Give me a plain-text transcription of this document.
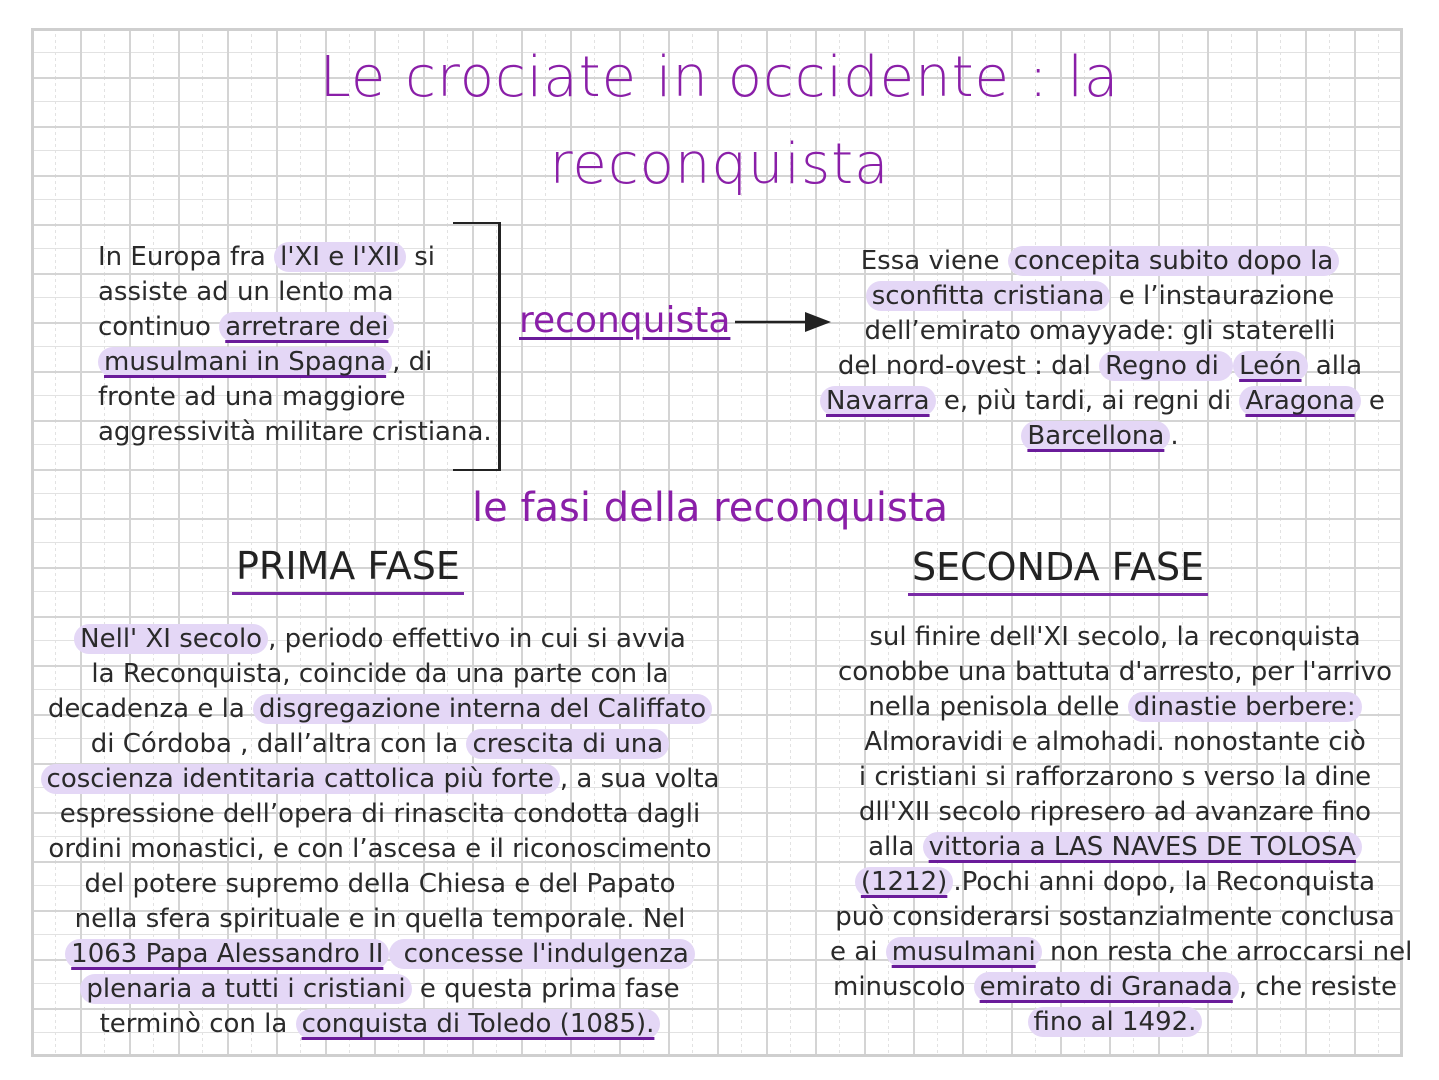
Le crociate in occidente : la
reconquista
In Europa fra l'XI e l'XII si
assiste ad un lento ma
continuo arretrare dei
musulmani in Spagna , di
fronte ad una maggiore
aggressività militare cristiana.
reconquista
Essa viene concepita subito dopo la
sconfitta cristiana e l’instaurazione
dell’emirato omayyade: gli staterelli
del nord-ovest : dal Regno di León alla
Navarra e, più tardi, ai regni di Aragona e
Barcellona .
le fasi della reconquista
PRIMA FASE	SECONDA FASE
Nell' XI secolo , periodo effettivo in cui si avvia
la Reconquista, coincide da una parte con la
decadenza e la disgregazione interna del Califfato
di Córdoba , dall’altra con la crescita di una
coscienza identitaria cattolica più forte , a sua volta
espressione dell’opera di rinascita condotta dagli
ordini monastici, e con l’ascesa e il riconoscimento
del potere supremo della Chiesa e del Papato
nella sfera spirituale e in quella temporale. Nel
1063 Papa Alessandro II concesse l'indulgenza
plenaria a tutti i cristiani e questa prima fase
terminò con la conquista di Toledo (1085).
sul finire dell'XI secolo, la reconquista
conobbe una battuta d'arresto, per l'arrivo
nella penisola delle dinastie berbere:
Almoravidi e almohadi. nonostante ciò
i cristiani si rafforzarono s verso la dine
dll'XII secolo ripresero ad avanzare fino
alla vittoria a LAS NAVES DE TOLOSA
(1212) .Pochi anni dopo, la Reconquista
può considerarsi sostanzialmente conclusa
e ai musulmani non resta che arroccarsi nel
minuscolo emirato di Granada , che resiste
fino al 1492.
